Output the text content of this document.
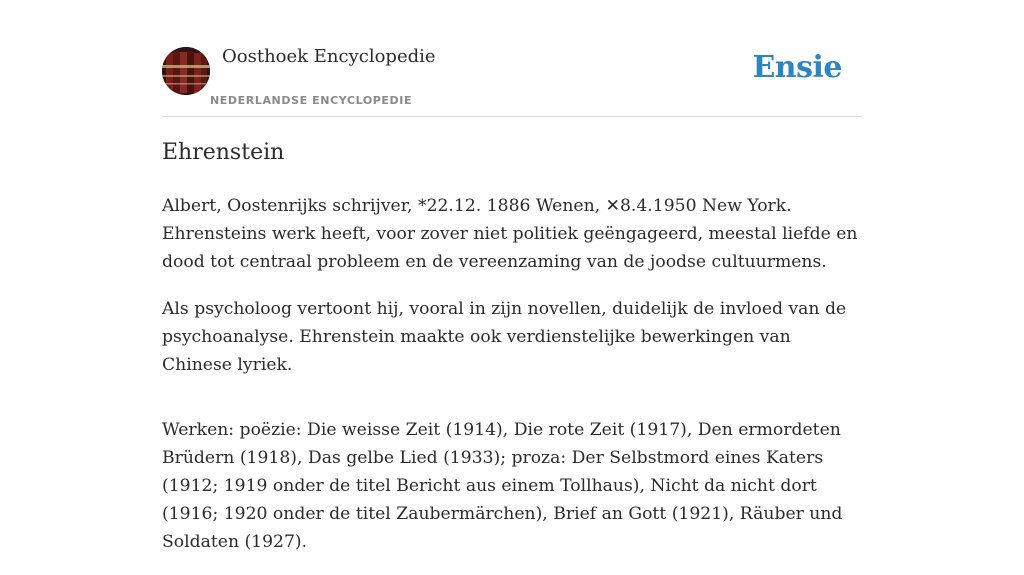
Oosthoek Encyclopedie
NEDERLANDSE ENCYCLOPEDIE
Ensie
Ehrenstein

Albert, Oostenrijks schrijver, *22.12. 1886 Wenen, ✕8.4.1950 New York. Ehrensteins werk heeft, voor zover niet politiek geëngageerd, meestal liefde en dood tot centraal probleem en de vereenzaming van de joodse cultuurmens.

Als psycholoog vertoont hij, vooral in zijn novellen, duidelijk de invloed van de psychoanalyse. Ehrenstein maakte ook verdienstelijke bewerkingen van Chinese lyriek.

Werken: poëzie: Die weisse Zeit (1914), Die rote Zeit (1917), Den ermordeten Brüdern (1918), Das gelbe Lied (1933); proza: Der Selbstmord eines Katers (1912; 1919 onder de titel Bericht aus einem Tollhaus), Nicht da nicht dort (1916; 1920 onder de titel Zaubermärchen), Brief an Gott (1921), Räuber und Soldaten (1927).
